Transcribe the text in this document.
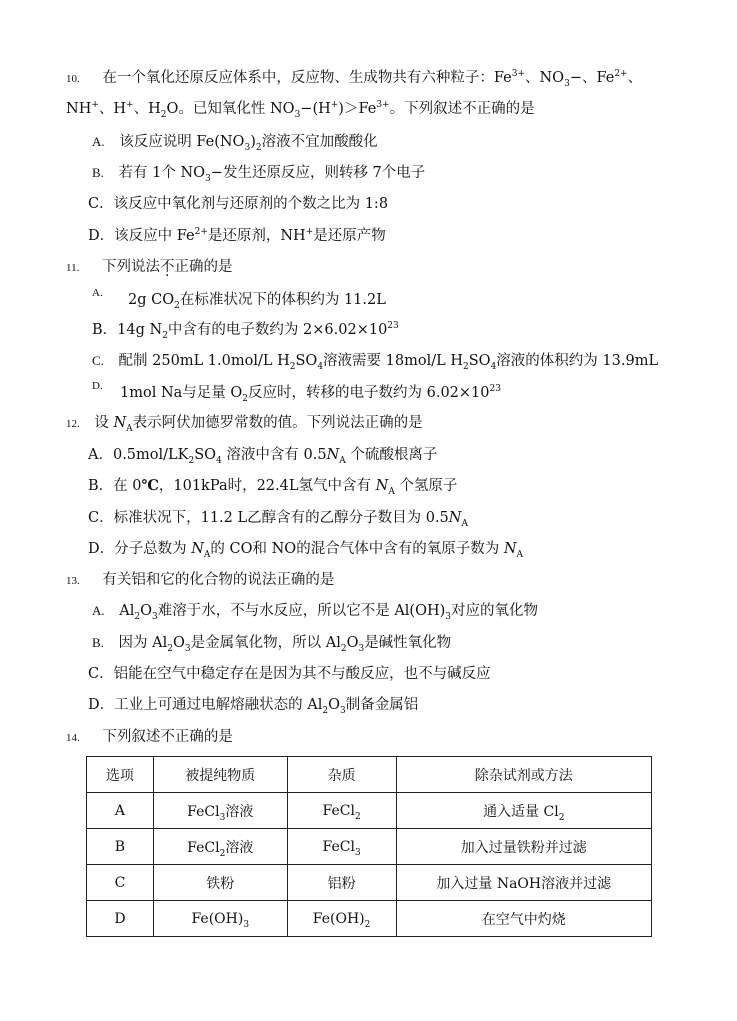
10. 在一个氧化还原反应体系中，反应物、生成物共有六种粒子：$Fe^{3+}$、$NO_3-$、$Fe^{2+}$、
NH+、H+、$H_2O$。已知氧化性 $NO_3-(H^+)>Fe^{3+}$。下列叙述不正确的是
A. 该反应说明 $Fe(NO_3)_2$溶液不宜加酸酸化
B. 若有 1个 $NO_3-$发生还原反应，则转移 7个电子
C．该反应中氧化剂与还原剂的个数之比为 1:8
D．该反应中 $Fe^{2+}$是还原剂，NH+是还原产物
11. 下列说法不正确的是
A. 2g $CO_2$在标准状况下的体积约为 11.2L
B．14g $N_2$中含有的电子数约为 $2\times 6.02\times 10^{23}$
C. 配制 250mL 1.0mol/L $H_2SO_4$溶液需要 18mol/L $H_2SO_4$溶液的体积约为 13.9mL
D. 1mol Na与足量 $O_2$反应时，转移的电子数约为 $6.02\times 10^{23}$
12. 设 $N_A$表示阿伏加德罗常数的值。下列说法正确的是
A．$0.5mol/LK_2SO_4$ 溶液中含有 $0.5N_A$ 个硫酸根离子
B．在 0℃，101kPa时，22.4L氢气中含有 $N_A$ 个氢原子
C．标准状况下，11.2 L乙醇含有的乙醇分子数目为 $0.5N_A$
D．分子总数为 $N_A$的 CO和 NO的混合气体中含有的氧原子数为 $N_A$
13. 有关铝和它的化合物的说法正确的是
A. $Al_2O_3$难溶于水，不与水反应，所以它不是 $Al(OH)_3$对应的氧化物
B. 因为 $Al_2O_3$是金属氧化物，所以 $Al_2O_3$是碱性氧化物
C．铝能在空气中稳定存在是因为其不与酸反应，也不与碱反应
D．工业上可通过电解熔融状态的 $Al_2O_3$制备金属铝
14. 下列叙述不正确的是
选项	被提纯物质	杂质	除杂试剂或方法
A	FeCl$_3$溶液	FeCl$_2$	通入适量 $Cl_2$
B	FeCl$_2$溶液	FeCl$_3$	加入过量铁粉并过滤
C	铁粉	铝粉	加入过量 NaOH溶液并过滤
D	$Fe(OH)_3$	$Fe(OH)_2$	在空气中灼烧
